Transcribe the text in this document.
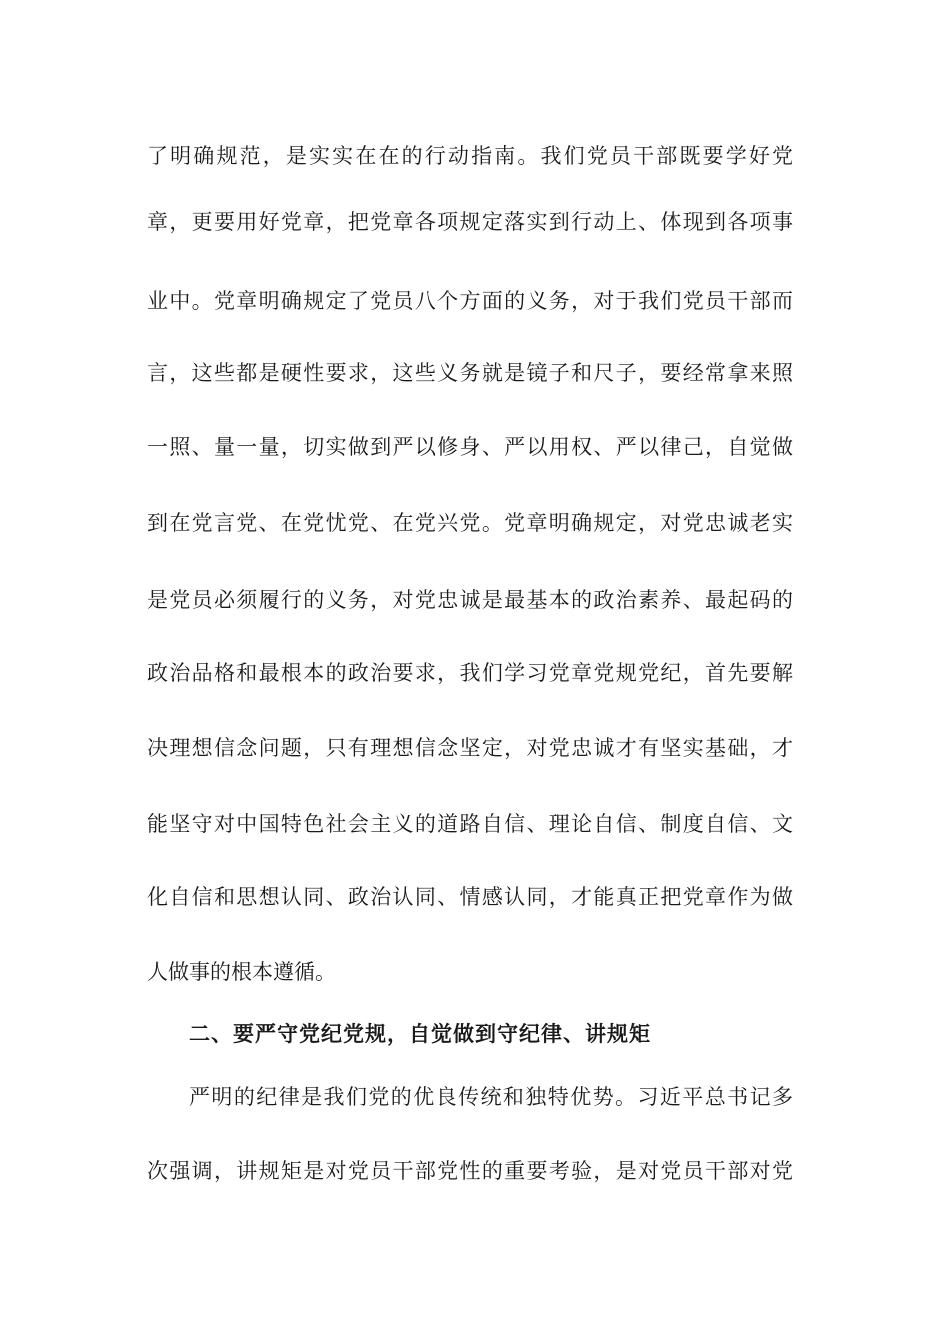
了明确规范，是实实在在的行动指南。我们党员干部既要学好党
章，更要用好党章，把党章各项规定落实到行动上、体现到各项事
业中。党章明确规定了党员八个方面的义务，对于我们党员干部而
言，这些都是硬性要求，这些义务就是镜子和尺子，要经常拿来照
一照、量一量，切实做到严以修身、严以用权、严以律己，自觉做
到在党言党、在党忧党、在党兴党。党章明确规定，对党忠诚老实
是党员必须履行的义务，对党忠诚是最基本的政治素养、最起码的
政治品格和最根本的政治要求，我们学习党章党规党纪，首先要解
决理想信念问题，只有理想信念坚定，对党忠诚才有坚实基础，才
能坚守对中国特色社会主义的道路自信、理论自信、制度自信、文
化自信和思想认同、政治认同、情感认同，才能真正把党章作为做
人做事的根本遵循。
二、要严守党纪党规，自觉做到守纪律、讲规矩
严明的纪律是我们党的优良传统和独特优势。习近平总书记多
次强调，讲规矩是对党员干部党性的重要考验，是对党员干部对党
